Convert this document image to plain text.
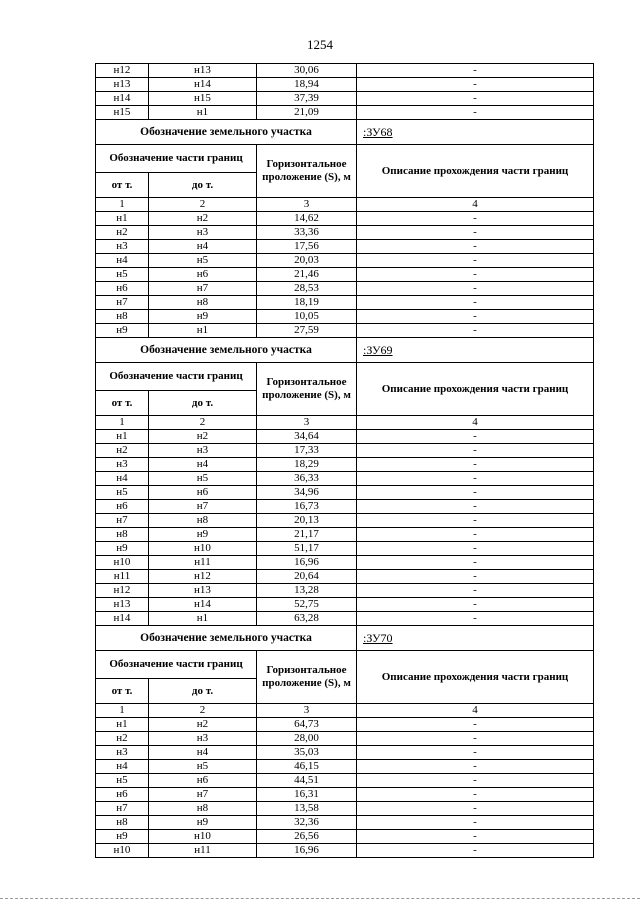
1254
н12	н13	30,06	-
н13	н14	18,94	-
н14	н15	37,39	-
н15	н1	21,09	-
Обозначение земельного участка			:ЗУ68
Обозначение части границ		Горизонтальное проложение (S), м	Описание прохождения части границ
от т.	до т.		
1	2	3	4
н1	н2	14,62	-
н2	н3	33,36	-
н3	н4	17,56	-
н4	н5	20,03	-
н5	н6	21,46	-
н6	н7	28,53	-
н7	н8	18,19	-
н8	н9	10,05	-
н9	н1	27,59	-
Обозначение земельного участка			:ЗУ69
Обозначение части границ		Горизонтальное проложение (S), м	Описание прохождения части границ
от т.	до т.		
1	2	3	4
н1	н2	34,64	-
н2	н3	17,33	-
н3	н4	18,29	-
н4	н5	36,33	-
н5	н6	34,96	-
н6	н7	16,73	-
н7	н8	20,13	-
н8	н9	21,17	-
н9	н10	51,17	-
н10	н11	16,96	-
н11	н12	20,64	-
н12	н13	13,28	-
н13	н14	52,75	-
н14	н1	63,28	-
Обозначение земельного участка			:ЗУ70
Обозначение части границ		Горизонтальное проложение (S), м	Описание прохождения части границ
от т.	до т.		
1	2	3	4
н1	н2	64,73	-
н2	н3	28,00	-
н3	н4	35,03	-
н4	н5	46,15	-
н5	н6	44,51	-
н6	н7	16,31	-
н7	н8	13,58	-
н8	н9	32,36	-
н9	н10	26,56	-
н10	н11	16,96	-
